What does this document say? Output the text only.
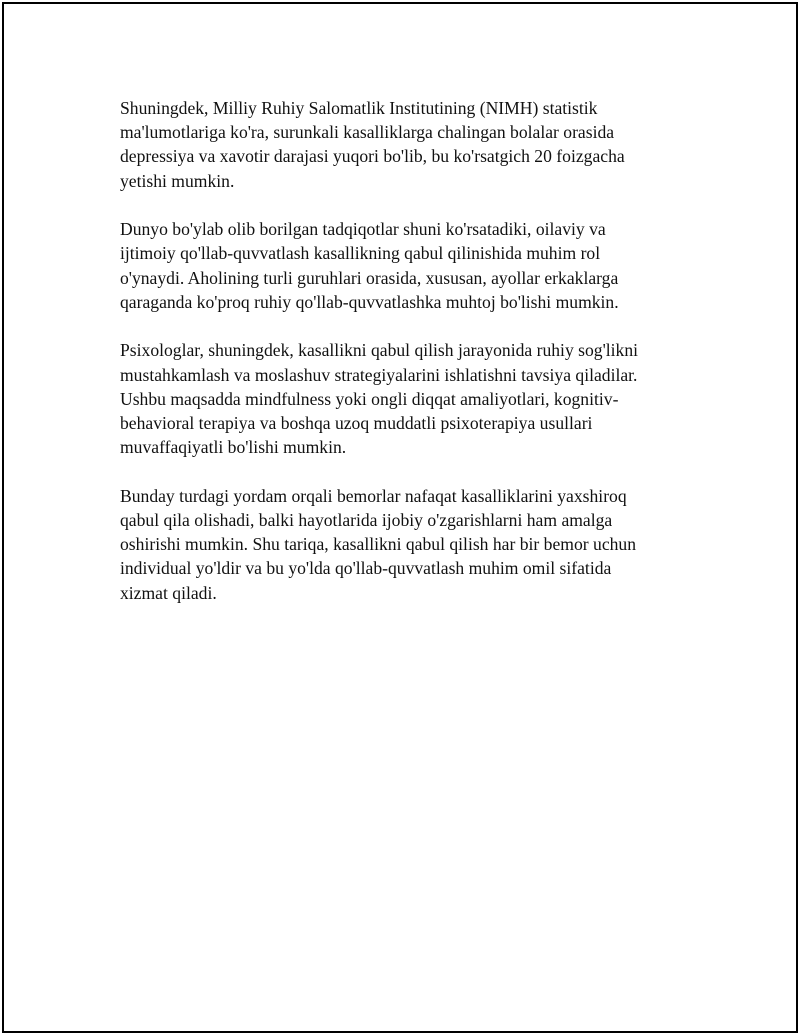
Shuningdek, Milliy Ruhiy Salomatlik Institutining (NIMH) statistik
ma'lumotlariga ko'ra, surunkali kasalliklarga chalingan bolalar orasida
depressiya va xavotir darajasi yuqori bo'lib, bu ko'rsatgich 20 foizgacha
yetishi mumkin.

Dunyo bo'ylab olib borilgan tadqiqotlar shuni ko'rsatadiki, oilaviy va
ijtimoiy qo'llab-quvvatlash kasallikning qabul qilinishida muhim rol
o'ynaydi. Aholining turli guruhlari orasida, xususan, ayollar erkaklarga
qaraganda ko'proq ruhiy qo'llab-quvvatlashka muhtoj bo'lishi mumkin.

Psixologlar, shuningdek, kasallikni qabul qilish jarayonida ruhiy sog'likni
mustahkamlash va moslashuv strategiyalarini ishlatishni tavsiya qiladilar.
Ushbu maqsadda mindfulness yoki ongli diqqat amaliyotlari, kognitiv-
behavioral terapiya va boshqa uzoq muddatli psixoterapiya usullari
muvaffaqiyatli bo'lishi mumkin.

Bunday turdagi yordam orqali bemorlar nafaqat kasalliklarini yaxshiroq
qabul qila olishadi, balki hayotlarida ijobiy o'zgarishlarni ham amalga
oshirishi mumkin. Shu tariqa, kasallikni qabul qilish har bir bemor uchun
individual yo'ldir va bu yo'lda qo'llab-quvvatlash muhim omil sifatida
xizmat qiladi.
